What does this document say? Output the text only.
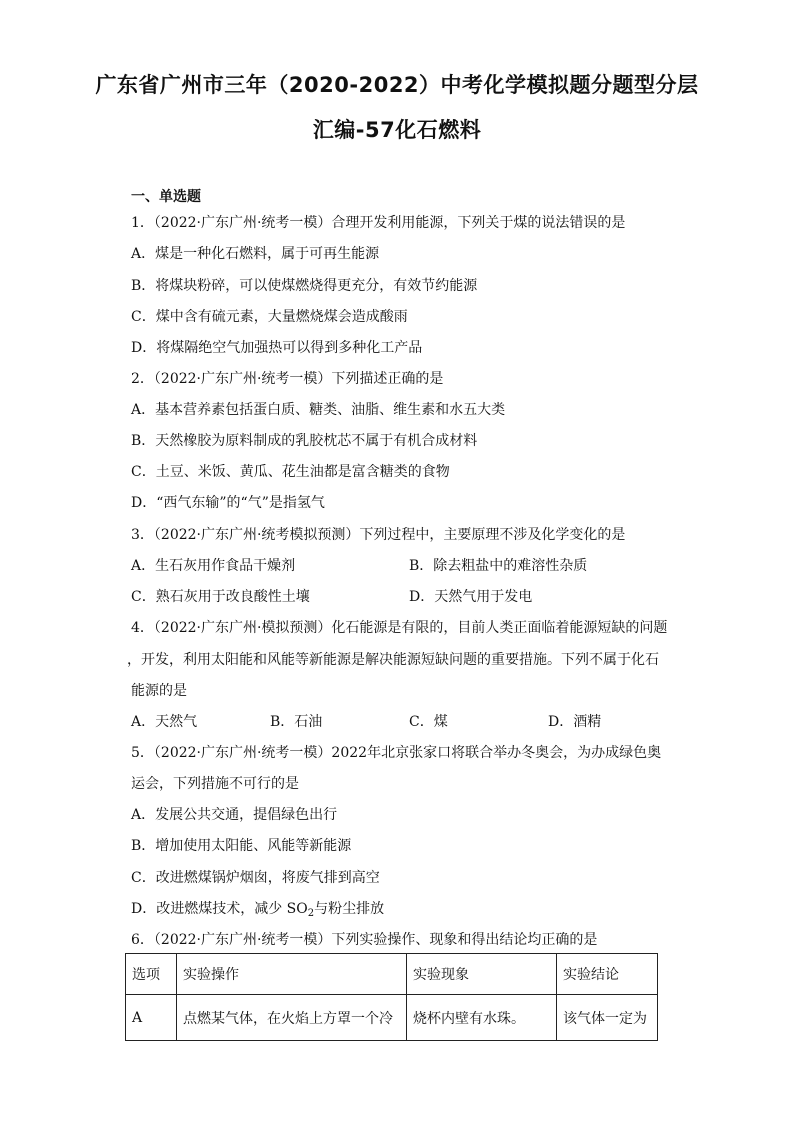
广东省广州市三年（2020-2022）中考化学模拟题分题型分层
汇编-57化石燃料
一、单选题
1．（2022·广东广州·统考一模）合理开发利用能源，下列关于煤的说法错误的是
A．煤是一种化石燃料，属于可再生能源
B．将煤块粉碎，可以使煤燃烧得更充分，有效节约能源
C．煤中含有硫元素，大量燃烧煤会造成酸雨
D．将煤隔绝空气加强热可以得到多种化工产品
2．（2022·广东广州·统考一模）下列描述正确的是
A．基本营养素包括蛋白质、糖类、油脂、维生素和水五大类
B．天然橡胶为原料制成的乳胶枕芯不属于有机合成材料
C．土豆、米饭、黄瓜、花生油都是富含糖类的食物
D．“西气东输”的“气”是指氢气
3．（2022·广东广州·统考模拟预测）下列过程中，主要原理不涉及化学变化的是
A．生石灰用作食品干燥剂	B．除去粗盐中的难溶性杂质
C．熟石灰用于改良酸性土壤	D．天然气用于发电
4．（2022·广东广州·模拟预测）化石能源是有限的，目前人类正面临着能源短缺的问题
，开发，利用太阳能和风能等新能源是解决能源短缺问题的重要措施。下列不属于化石
能源的是
A．天然气	B．石油	C．煤	D．酒精
5．（2022·广东广州·统考一模）2022年北京张家口将联合举办冬奥会，为办成绿色奥
运会，下列措施不可行的是
A．发展公共交通，提倡绿色出行
B．增加使用太阳能、风能等新能源
C．改进燃煤锅炉烟囱，将废气排到高空
D．改进燃煤技术，减少 $SO_2$与粉尘排放
6．（2022·广东广州·统考一模）下列实验操作、现象和得出结论均正确的是
选项	实验操作	实验现象	实验结论
A	点燃某气体，在火焰上方罩一个冷	烧杯内壁有水珠。	该气体一定为
